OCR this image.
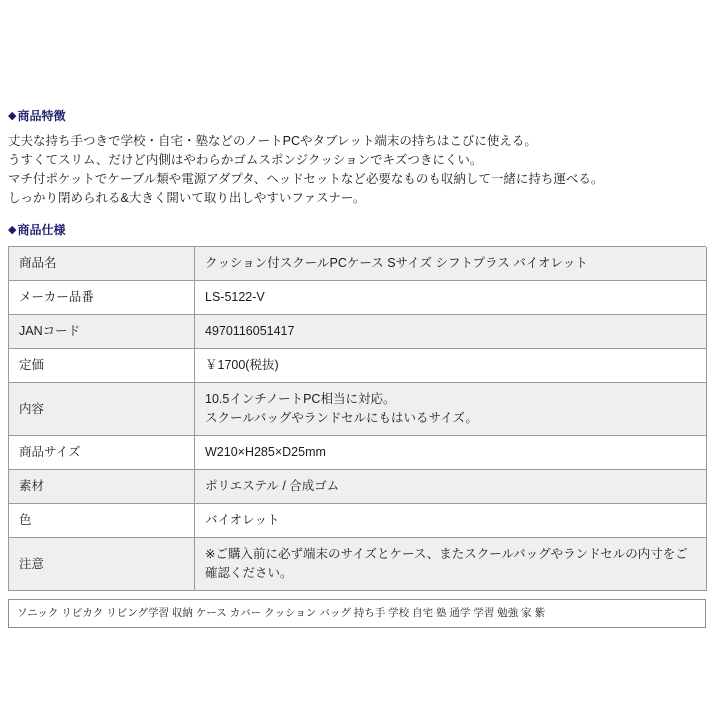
◆ 商品特徴
丈夫な持ち手つきで学校・自宅・塾などのノートPCやタブレット端末の持ちはこびに使える。
うすくてスリム、だけど内側はやわらかゴムスポンジクッションでキズつきにくい。
マチ付ポケットでケーブル類や電源アダプタ、ヘッドセットなど必要なものも収納して一緒に持ち運べる。
しっかり閉められる&大きく開いて取り出しやすいファスナー。
◆ 商品仕様
商品名	クッション付スクールPCケース Sサイズ シフトプラス バイオレット

メーカー品番	LS-5122-V

JANコード	4970116051417

定価	￥1700(税抜)

内容	10.5インチノートPC相当に対応。
スクールバッグやランドセルにもはいるサイズ。

商品サイズ	W210×H285×D25mm

素材	ポリエステル / 合成ゴム

色	バイオレット

注意	※ご購入前に必ず端末のサイズとケース、またスクールバッグやランドセルの内寸をご
確認ください。
ソニック リピカク リビング学習 収納 ケース カバー クッション バッグ 持ち手 学校 自宅 塾 通学 学習 勉強 家 紫
